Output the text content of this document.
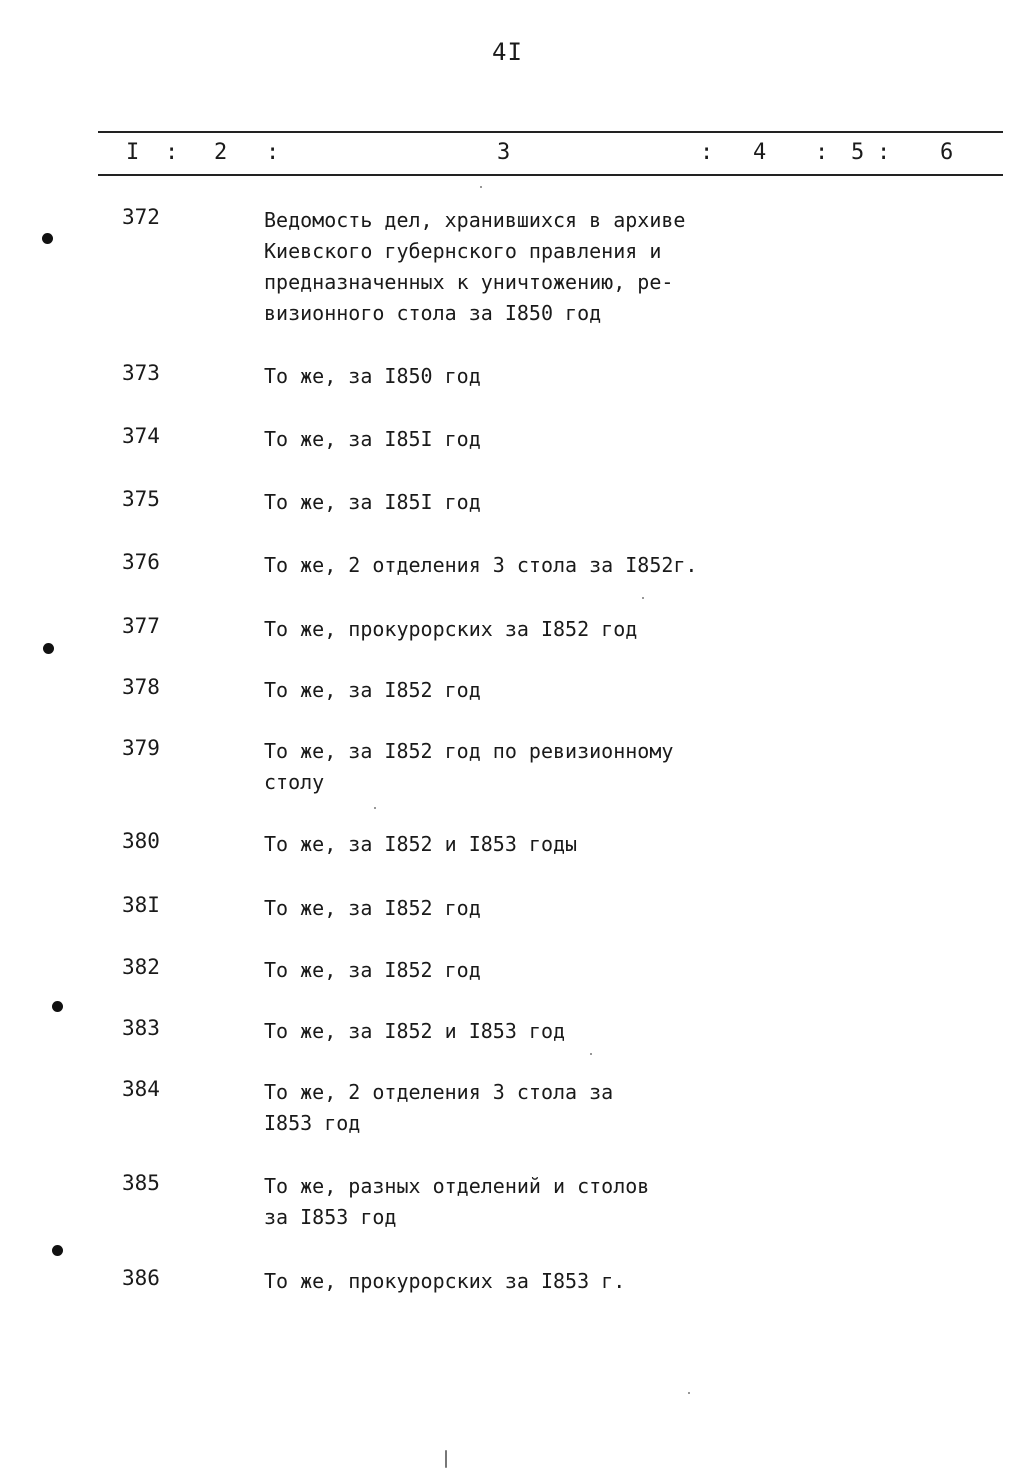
4I
I : 2 :	3	: 4 : 5 : 6
372	Ведомость дел, хранившихся в архиве
Киевского губернского правления и
предназначенных к уничтожению, ре-
визионного стола за I850 год
373	То же, за I850 год
374	То же, за I85I год
375	То же, за I85I год
376	То же, 2 отделения 3 стола за I852г.
377	То же, прокурорских за I852 год
378	То же, за I852 год
379	То же, за I852 год по ревизионному
столу
380	То же, за I852 и I853 годы
38I	То же, за I852 год
382	То же, за I852 год
383	То же, за I852 и I853 год
384	То же, 2 отделения 3 стола за
I853 год
385	То же, разных отделений и столов
за I853 год
386	То же, прокурорских за I853 г.
